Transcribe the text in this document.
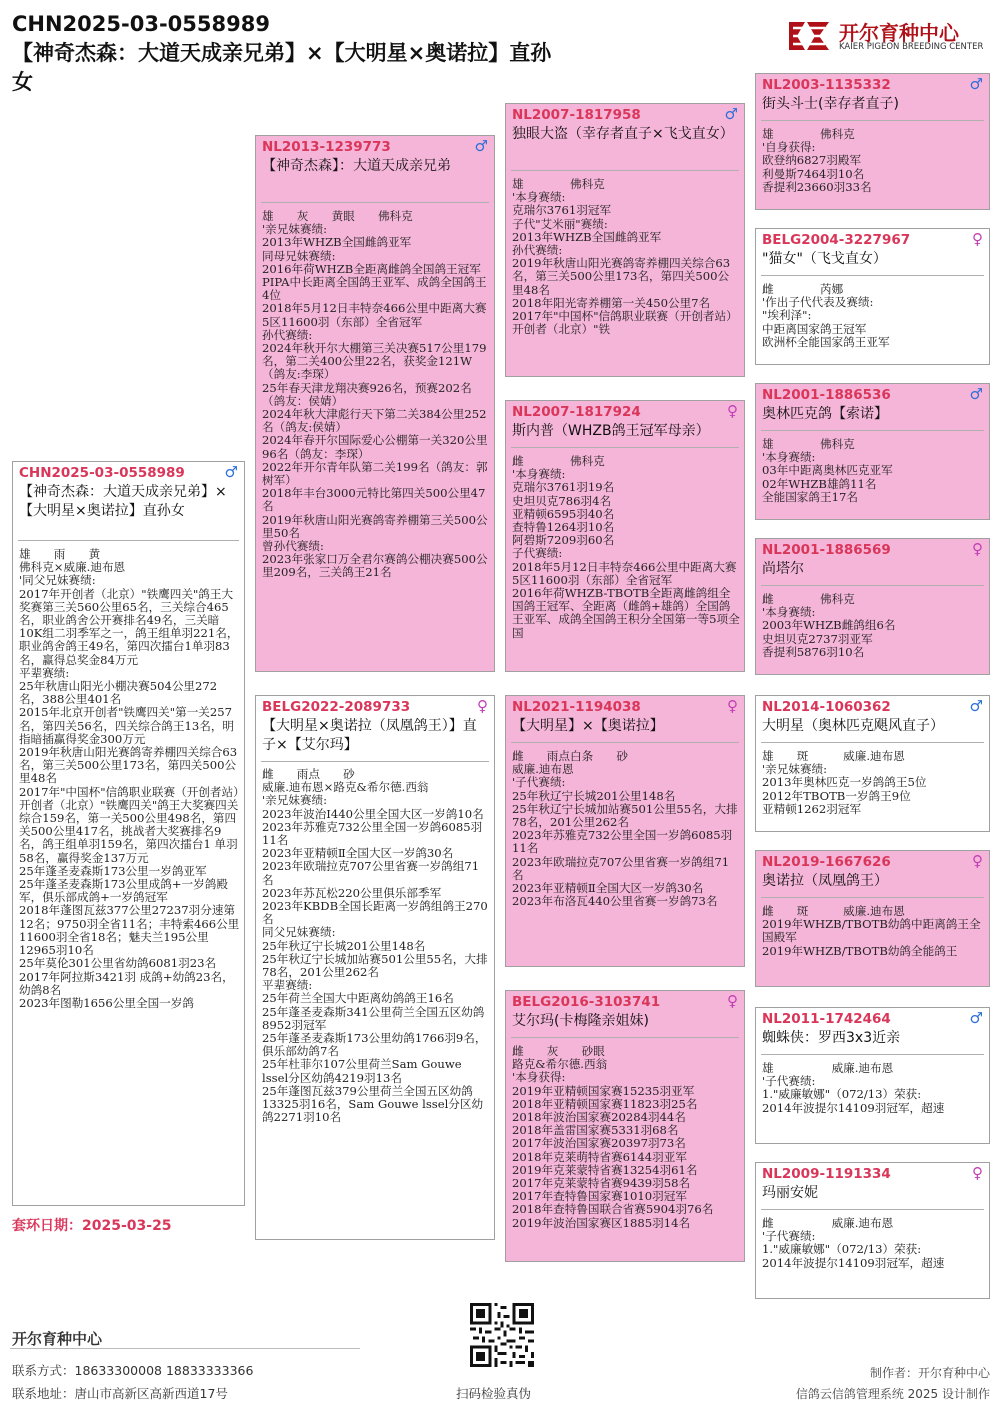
CHN2025-03-0558989
【神奇杰森：大道天成亲兄弟】×【大明星×奥诺拉】直孙女
开尔育种中心
KAIER PIGEON BREEDING CENTER
CHN2025-03-0558989	♂
【神奇杰森：大道天成亲兄弟】×【大明星×奥诺拉】直孙女
雄　　雨　　黄
佛科克×威廉.迪布恩
'同父兄妹赛绩:
2017年开创者（北京）"铁鹰四关"鸽王大奖赛第三关560公里65名，三关综合465名，职业鸽舍公开赛排名49名，三关暗10K组二羽季军之一，鸽王组单羽221名，职业鸽舍鸽王49名，第四次擂台1单羽83名，赢得总奖金84万元
平辈赛绩:
25年秋唐山阳光小棚决赛504公里272名，388公里401名
2015年北京开创者"铁鹰四关"第一关257名，第四关56名，四关综合鸽王13名，明指暗插赢得奖金300万元
2019年秋唐山阳光赛鸽寄养棚四关综合63名，第三关500公里173名，第四关500公里48名
2017年"中国杯"信鸽职业联赛（开创者站）开创者（北京）"铁鹰四关"鸽王大奖赛四关综合159名，第一关500公里498名，第四关500公里417名，挑战者大奖赛排名9名，鸽王组单羽159名，第四次擂台1 单羽58名，赢得奖金137万元
25年蓬圣麦森斯173公里一岁鸽亚军
25年蓬圣麦森斯173公里成鸽+一岁鸽殿军，俱乐部成鸽+一岁鸽冠军
2018年蓬图瓦兹377公里27237羽分速第12名；9750羽全省11名；丰特索466公里11600羽全省18名；魅夫兰195公里12965羽10名
25年莫伦301公里省幼鸽6081羽23名
2017年阿拉斯3421羽 成鸽+幼鸽23名，幼鸽8名
2023年图勒1656公里全国一岁鸽
NL2013-1239773	♂
【神奇杰森】：大道天成亲兄弟
雄　　灰　　黄眼　　佛科克
'亲兄妹赛绩:
2013年WHZB全国雌鸽亚军
同母兄妹赛绩:
2016年荷WHZB全距离雌鸽全国鸽王冠军
PIPA中长距离全国鸽王亚军、成鸽全国鸽王4位
2018年5月12日丰特奈466公里中距离大赛5区11600羽（东部）全省冠军
孙代赛绩:
2024年秋开尔大棚第三关决赛517公里179名，第二关400公里22名，获奖金121W（鸽友:李琛）
25年春天津龙翔决赛926名，预赛202名（鸽友：侯婧）
2024年秋大津彪行天下第二关384公里252名（鸽友:侯婧）
2024年春开尔国际爱心公棚第一关320公里96名（鸽友：李琛）
2022年开尔青年队第二关199名（鸽友：郭树军）
2018年丰台3000元特比第四关500公里47名
2019年秋唐山阳光赛鸽寄养棚第三关500公里50名
曾孙代赛绩:
2023年张家口万全君尔赛鸽公棚决赛500公里209名，三关鸽王21名
BELG2022-2089733	♀
【大明星×奥诺拉（凤凰鸽王）】直子×【艾尔玛】
雌　　雨点　　砂
威廉.迪布恩×路克&希尔德.西翁
'亲兄妹赛绩:
2023年波治Ⅰ440公里全国大区一岁鸽10名
2023年苏雅克732公里全国一岁鸽6085羽11名
2023年亚精顿Ⅱ全国大区一岁鸽30名
2023年欧瑞拉克707公里省赛一岁鸽组71名
2023年苏瓦松220公里俱乐部季军
2023年KBDB全国长距离一岁鸽组鸽王270名
同父兄妹赛绩:
25年秋辽宁长城201公里148名
25年秋辽宁长城加站赛501公里55名，大排78名，201公里262名
平辈赛绩:
25年荷兰全国大中距离幼鸽鸽王16名
25年蓬圣麦森斯341公里荷兰全国五区幼鸽8952羽冠军
25年蓬圣麦森斯173公里幼鸽1766羽9名，俱乐部幼鸽7名
25年杜菲尔107公里荷兰Sam Gouwe lssel分区幼鸽4219羽13名
25年蓬图瓦兹379公里荷兰全国五区幼鸽13325羽16名，Sam Gouwe lssel分区幼鸽2271羽10名
NL2007-1817958	♂
独眼大盗（幸存者直子×飞戈直女）
雄　　　　佛科克
'本身赛绩:
克瑞尔3761羽冠军
子代"艾米丽"赛绩:
2013年WHZB全国雌鸽亚军
孙代赛绩:
2019年秋唐山阳光赛鸽寄养棚四关综合63名，第三关500公里173名，第四关500公里48名
2018年阳光寄养棚第一关450公里7名
2017年"中国杯"信鸽职业联赛（开创者站）开创者（北京）"铁
NL2007-1817924	♀
斯内普（WHZB鸽王冠军母亲）
雌　　　　佛科克
'本身赛绩:
克瑞尔3761羽19名
史坦贝克786羽4名
亚精顿6595羽40名
查特鲁1264羽10名
阿碧斯7209羽60名
子代赛绩:
2018年5月12日丰特奈466公里中距离大赛5区11600羽（东部）全省冠军
2016年荷WHZB-TBOTB全距离雌鸽组全国鸽王冠军、全距离（雌鸽+雄鸽）全国鸽王亚军、成鸽全国鸽王积分全国第一等5项全国
NL2021-1194038	♀
【大明星】×【奥诺拉】
雌　　雨点白条　　砂
威廉.迪布恩
'子代赛绩:
25年秋辽宁长城201公里148名
25年秋辽宁长城加站赛501公里55名，大排78名，201公里262名
2023年苏雅克732公里全国一岁鸽6085羽11名
2023年欧瑞拉克707公里省赛一岁鸽组71名
2023年亚精顿Ⅱ全国大区一岁鸽30名
2023年布洛瓦440公里省赛一岁鸽73名
BELG2016-3103741	♀
艾尔玛(卡梅隆亲姐妹)
雌　　灰　　砂眼
路克&希尔德.西翁
'本身获得:
2019年亚精顿国家赛15235羽亚军
2018年亚精顿国家赛11823羽25名
2018年波治国家赛20284羽44名
2018年盖雷国家赛5331羽68名
2017年波治国家赛20397羽73名
2018年克莱萌特省赛6144羽亚军
2019年克莱蒙特省赛13254羽61名
2017年克莱蒙特省赛9439羽58名
2017年查特鲁国家赛1010羽冠军
2018年查特鲁国联合省赛5904羽76名
2019年波治国家赛区1885羽14名
NL2003-1135332	♂
街头斗士(幸存者直子)
雄　　　　佛科克
'自身获得:
欧登纳6827羽殿军
利曼斯7464羽10名
香提利23660羽33名
BELG2004-3227967	♀
"猫女"（飞戈直女）
雌　　　　芮娜
'作出子代代表及赛绩:
"埃利泽":
中距离国家鸽王冠军
欧洲杯全能国家鸽王亚军
NL2001-1886536	♂
奥林匹克鸽【索诺】
雄　　　　佛科克
'本身赛绩:
03年中距离奥林匹克亚军
02年WHZB雄鸽11名
全能国家鸽王17名
NL2001-1886569	♀
尚塔尔
雌　　　　佛科克
'本身赛绩:
2003年WHZB雌鸽组6名
史坦贝克2737羽亚军
香提利5876羽10名
NL2014-1060362	♂
大明星（奥林匹克飓风直子）
雄　　斑　　　威廉.迪布恩
'亲兄妹赛绩:
2013年奥林匹克一岁鸽鸽王5位
2012年TBOTB一岁鸽王9位
亚精顿1262羽冠军
NL2019-1667626	♀
奥诺拉（凤凰鸽王）
雌　　斑　　　威廉.迪布恩
2019年WHZB/TBOTB幼鸽中距离鸽王全国殿军
2019年WHZB/TBOTB幼鸽全能鸽王
NL2011-1742464	♂
蜘蛛侠：罗西3x3近亲
雄　　　　　威廉.迪布恩
'子代赛绩:
1."威廉敏娜"（072/13）荣获:
2014年波提尔14109羽冠军，超速
NL2009-1191334	♀
玛丽安妮
雌　　　　　威廉.迪布恩
'子代赛绩:
1."威廉敏娜"（072/13）荣获:
2014年波提尔14109羽冠军，超速
套环日期：2025-03-25
开尔育种中心
联系方式：18633300008 18833333366
联系地址：唐山市高新区高新西道17号	扫码检验真伪
制作者：开尔育种中心
信鸽云信鸽管理系统 2025 设计制作
